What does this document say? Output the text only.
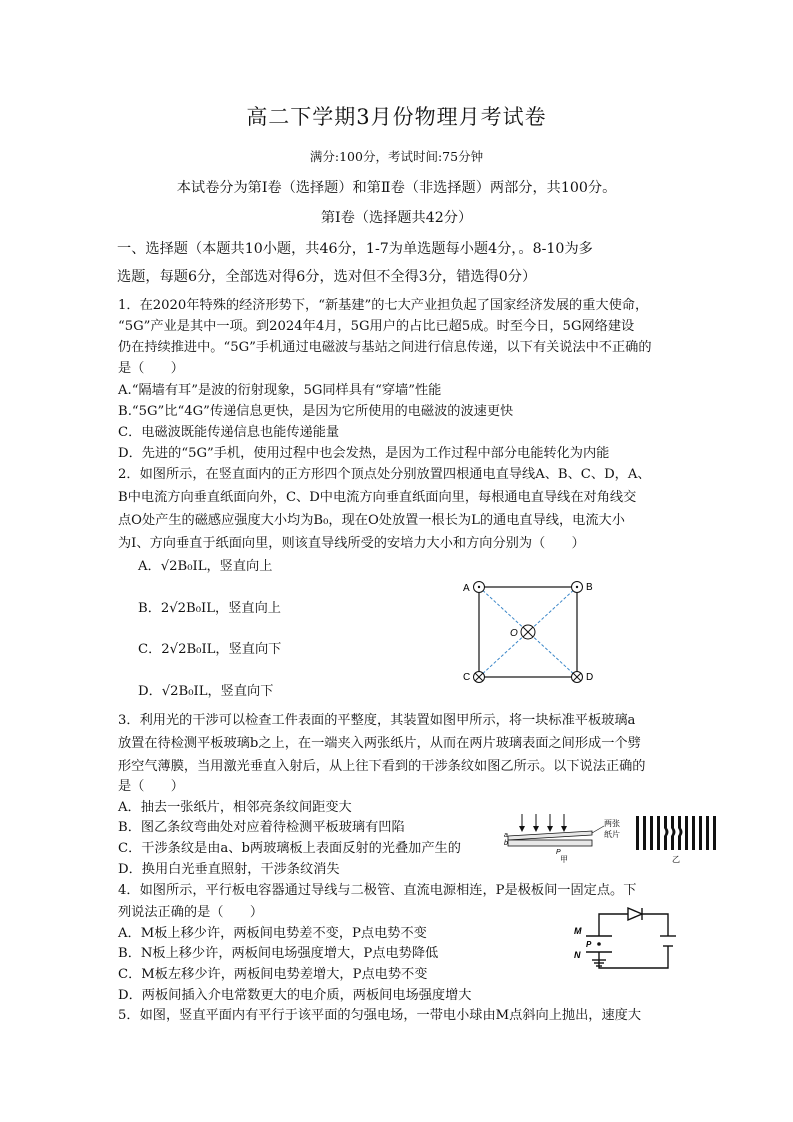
高二下学期3月份物理月考试卷
满分:100分，考试时间:75分钟
本试卷分为第Ⅰ卷（选择题）和第Ⅱ卷（非选择题）两部分，共100分。
第Ⅰ卷（选择题共42分）
一、选择题（本题共10小题，共46分，1-7为单选题每小题4分，。8-10为多
选题，每题6分，全部选对得6分，选对但不全得3分，错选得0分）
1．在2020年特殊的经济形势下，“新基建”的七大产业担负起了国家经济发展的重大使命，
“5G”产业是其中一项。到2024年4月，5G用户的占比已超5成。时至今日，5G网络建设
仍在持续推进中。“5G”手机通过电磁波与基站之间进行信息传递，以下有关说法中不正确的
是（　　）
A.“隔墙有耳”是波的衍射现象，5G同样具有“穿墙”性能
B.“5G”比“4G”传递信息更快，是因为它所使用的电磁波的波速更快
C．电磁波既能传递信息也能传递能量
D．先进的“5G”手机，使用过程中也会发热，是因为工作过程中部分电能转化为内能
2．如图所示，在竖直面内的正方形四个顶点处分别放置四根通电直导线A、B、C、D，A、
B中电流方向垂直纸面向外，C、D中电流方向垂直纸面向里，每根通电直导线在对角线交
点O处产生的磁感应强度大小均为B₀，现在O处放置一根长为L的通电直导线，电流大小
为I、方向垂直于纸面向里，则该直导线所受的安培力大小和方向分别为（　　）
A．√2B₀IL，竖直向上
B．2√2B₀IL，竖直向上
C．2√2B₀IL，竖直向下
D．√2B₀IL，竖直向下
A	B
C	D
O
3．利用光的干涉可以检查工件表面的平整度，其装置如图甲所示，将一块标准平板玻璃a
放置在待检测平板玻璃b之上，在一端夹入两张纸片，从而在两片玻璃表面之间形成一个劈
形空气薄膜，当用激光垂直入射后，从上往下看到的干涉条纹如图乙所示。以下说法正确的
是（　　）
A．抽去一张纸片，相邻亮条纹间距变大
B．图乙条纹弯曲处对应着待检测平板玻璃有凹陷
C．干涉条纹是由a、b两玻璃板上表面反射的光叠加产生的
D．换用白光垂直照射，干涉条纹消失
a
b
P
两张
纸片
甲	乙
4．如图所示，平行板电容器通过导线与二极管、直流电源相连，P是极板间一固定点。下
列说法正确的是（　　）
A．M板上移少许，两板间电势差不变，P点电势不变
B．N板上移少许，两板间电场强度增大，P点电势降低
C．M板左移少许，两板间电势差增大，P点电势不变
D．两板间插入介电常数更大的电介质，两板间电场强度增大
M
N
P
5．如图，竖直平面内有平行于该平面的匀强电场，一带电小球由M点斜向上抛出，速度大
